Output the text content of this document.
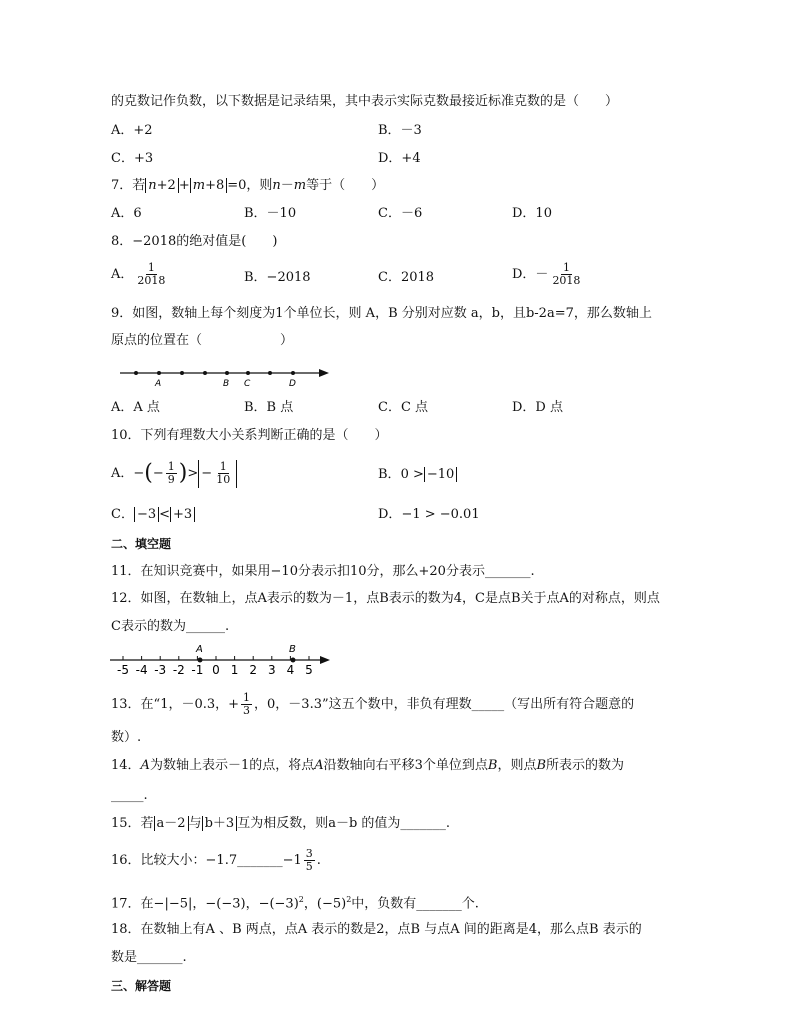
的克数记作负数，以下数据是记录结果，其中表示实际克数最接近标准克数的是（　　）
A．+2	B．－3
C．+3	D．+4
7．若 n+2 + m+8 =0，则n－m等于（　　）
A．6	B．－10	C．－6	D．10
8．−2018的绝对值是(　　)
A． $\frac{1}{2018}$	B．−2018	C．2018	D．－ $\frac{1}{2018}$
9．如图，数轴上每个刻度为1个单位长，则 A，B 分别对应数 a，b，且b-2a=7，那么数轴上
原点的位置在（　　　　　　）
A	B C	D
A．A 点	B．B 点	C．C 点	D．D 点
10．下列有理数大小关系判断正确的是（　　）
A．−(− $\frac{1}{9}$ )> − $\frac{1}{10}$	B．0 > −10
C． −3 < +3	D．−1 > −0.01
二、填空题
11．在知识竞赛中，如果用−10分表示扣10分，那么+20分表示_______.
12．如图，在数轴上，点A表示的数为－1，点B表示的数为4，C是点B关于点A的对称点，则点
C表示的数为______.
-5 -4 -3 -2 -1 0 1 2 3 4 5
A	B
13．在“1，－0.3，+ $\frac{1}{3}$ ，0，－3.3”这五个数中，非负有理数_____（写出所有符合题意的
数）.
14．A为数轴上表示－1的点，将点A沿数轴向右平移3个单位到点B，则点B所表示的数为
_____.
15．若 a－2 与 b＋3 互为相反数，则a－b 的值为_______.
16．比较大小：−1.7_______−1 $\frac{3}{5}$ .
17．在−|−5|，−(−3)，$-(-3)^2$，$(-5)^2$中，负数有_______个.
18．在数轴上有A 、B 两点，点A 表示的数是2，点B 与点A 间的距离是4，那么点B 表示的
数是_______.
三、解答题
